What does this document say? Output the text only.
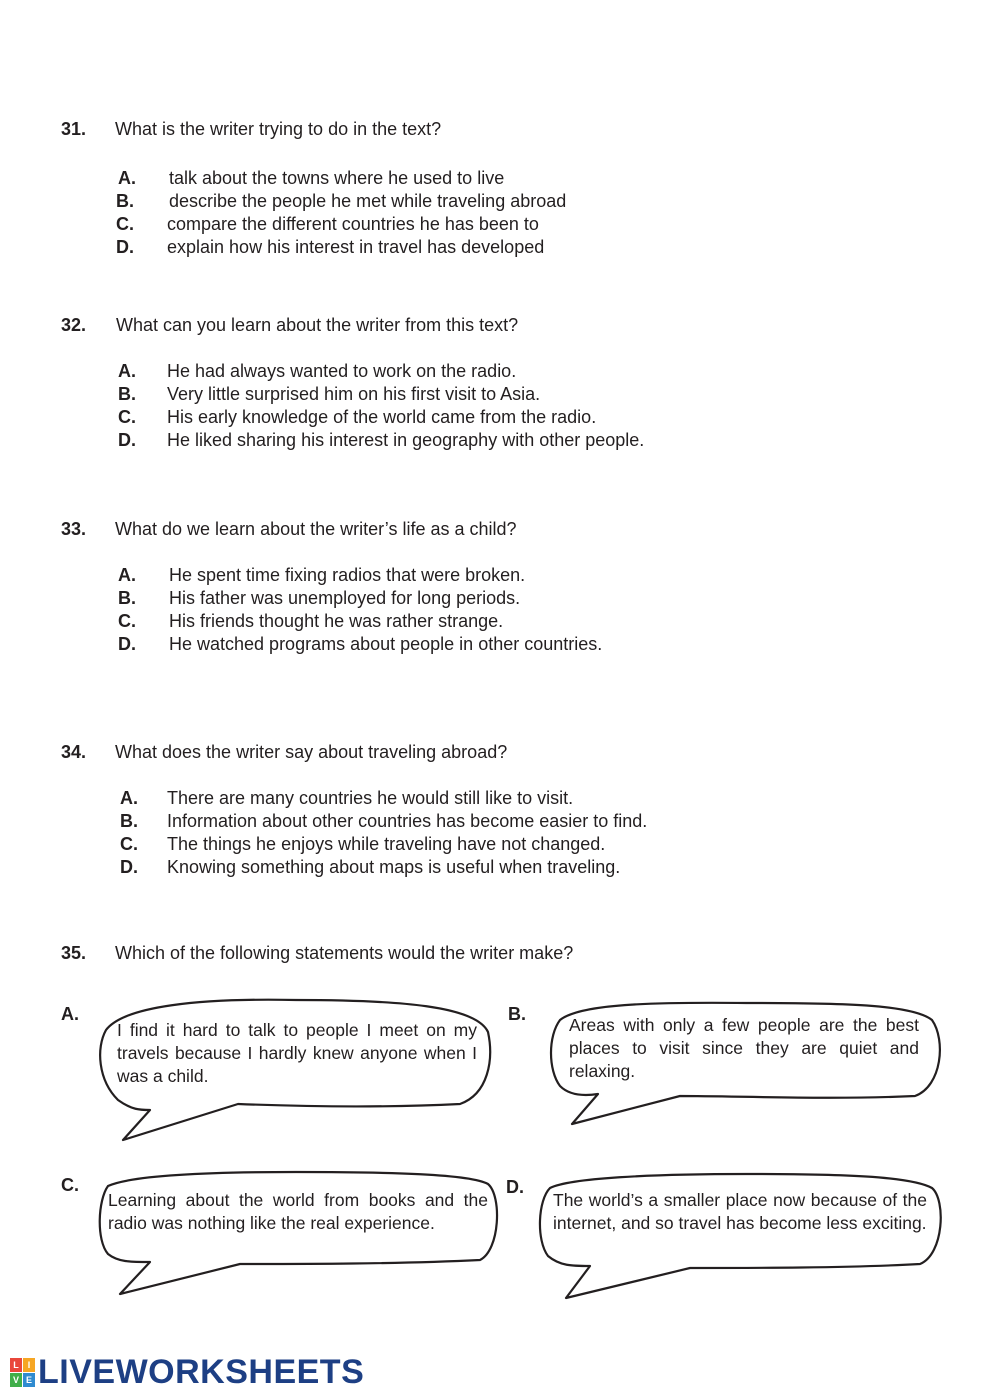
31. What is the writer trying to do in the text?
A. talk about the towns where he used to live
B. describe the people he met while traveling abroad
C. compare the different countries he has been to
D. explain how his interest in travel has developed
32. What can you learn about the writer from this text?
A. He had always wanted to work on the radio.
B. Very little surprised him on his first visit to Asia.
C. His early knowledge of the world came from the radio.
D. He liked sharing his interest in geography with other people.
33. What do we learn about the writer’s life as a child?
A. He spent time fixing radios that were broken.
B. His father was unemployed for long periods.
C. His friends thought he was rather strange.
D. He watched programs about people in other countries.
34. What does the writer say about traveling abroad?
A. There are many countries he would still like to visit.
B. Information about other countries has become easier to find.
C. The things he enjoys while traveling have not changed.
D. Knowing something about maps is useful when traveling.
35. Which of the following statements would the writer make?
A.
I find it hard to talk to people I meet on my travels because I hardly knew anyone when I was a child.
B.
Areas with only a few people are the best places to visit since they are quiet and relaxing.
C.
Learning about the world from books and the radio was nothing like the real experience.
D.
The world’s a smaller place now because of the internet, and so travel has become less exciting.
L I
V E LIVEWORKSHEETS
